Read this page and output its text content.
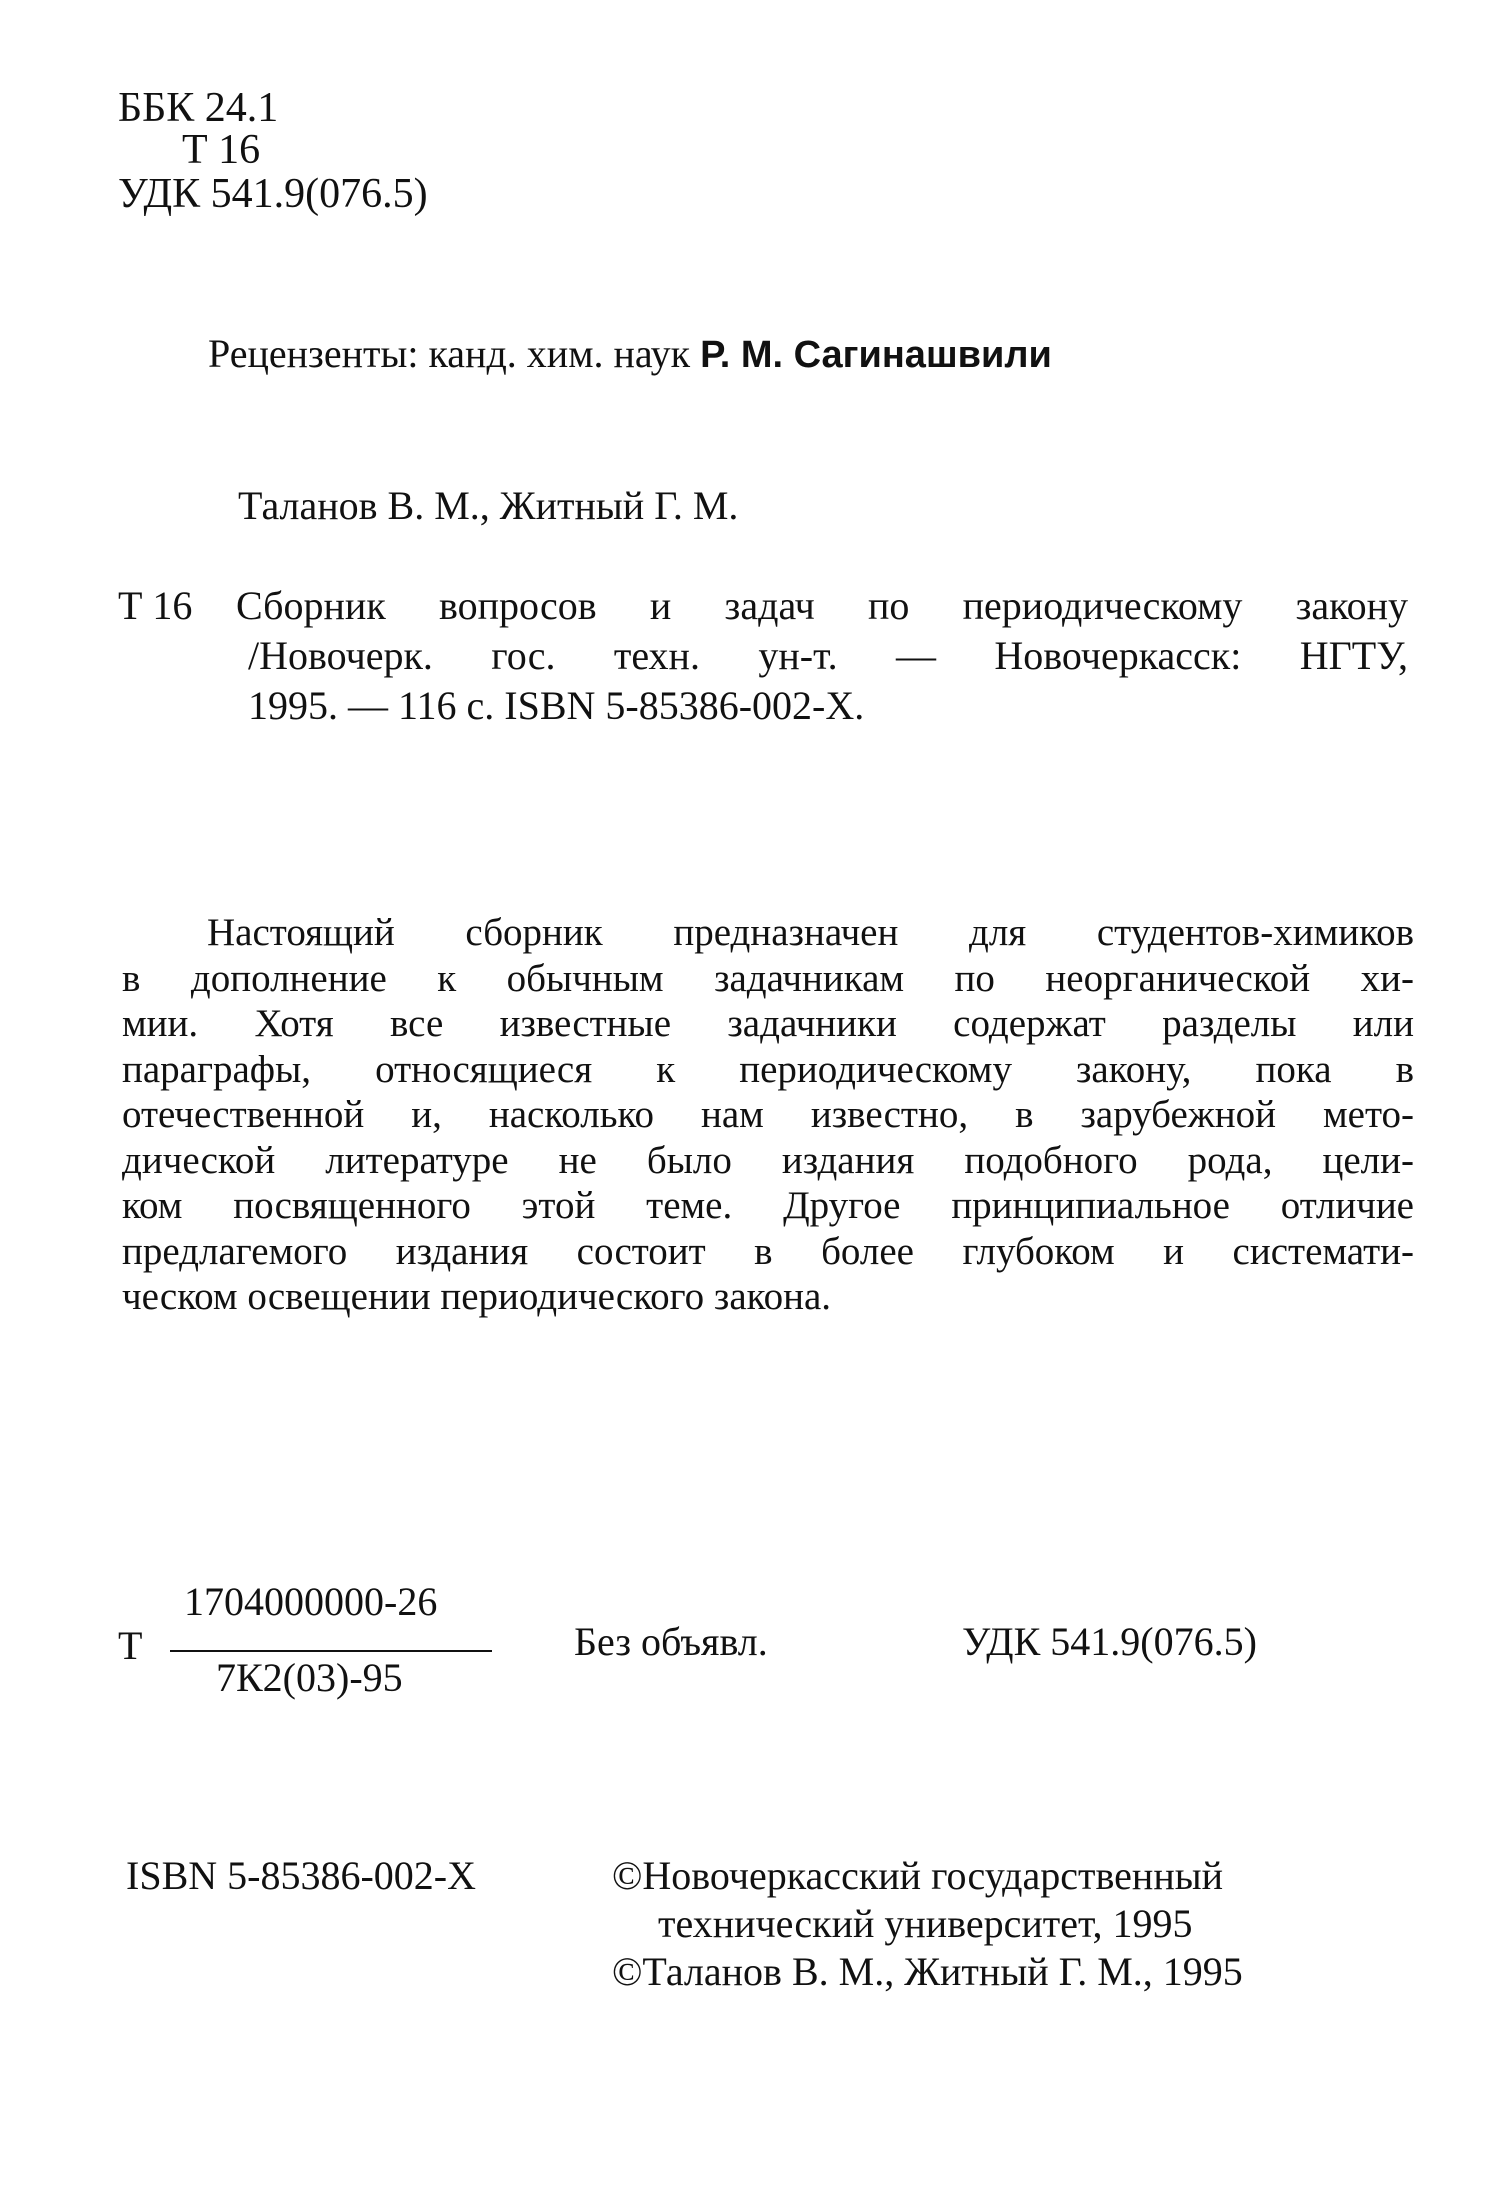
ББК 24.1
Т 16
УДК 541.9(076.5)
Рецензенты: канд. хим. наук Р. М. Сагинашвили
Таланов В. М., Житный Г. М.
Т 16 Сборник вопросов и задач по периодическому законy
/Новочерк. гос. техн. ун-т. — Новочеркасск: НГТУ,
1995. — 116 с. ISBN 5-85386-002-Х.
Настоящий сборник предназначен для студентов-химиков
в дополнение к обычным задачникам по неорганической хи-
мии. Хотя все известные задачники содержат разделы или
параграфы, относящиеся к периодическому закону, пока в
отечественной и, насколько нам известно, в зарубежной мето-
дической литературе не было издания подобного рода, цели-
ком посвященного этой теме. Другое принципиальное отличие
предлагемого издания состоит в более глубоком и системати-
ческом освещении периодического закона.
Т
1704000000-26
7К2(03)-95
Без объявл.	УДК 541.9(076.5)
ISBN 5-85386-002-Х	©Новочеркасский государственный
технический университет, 1995
©Таланов В. М., Житный Г. М., 1995
